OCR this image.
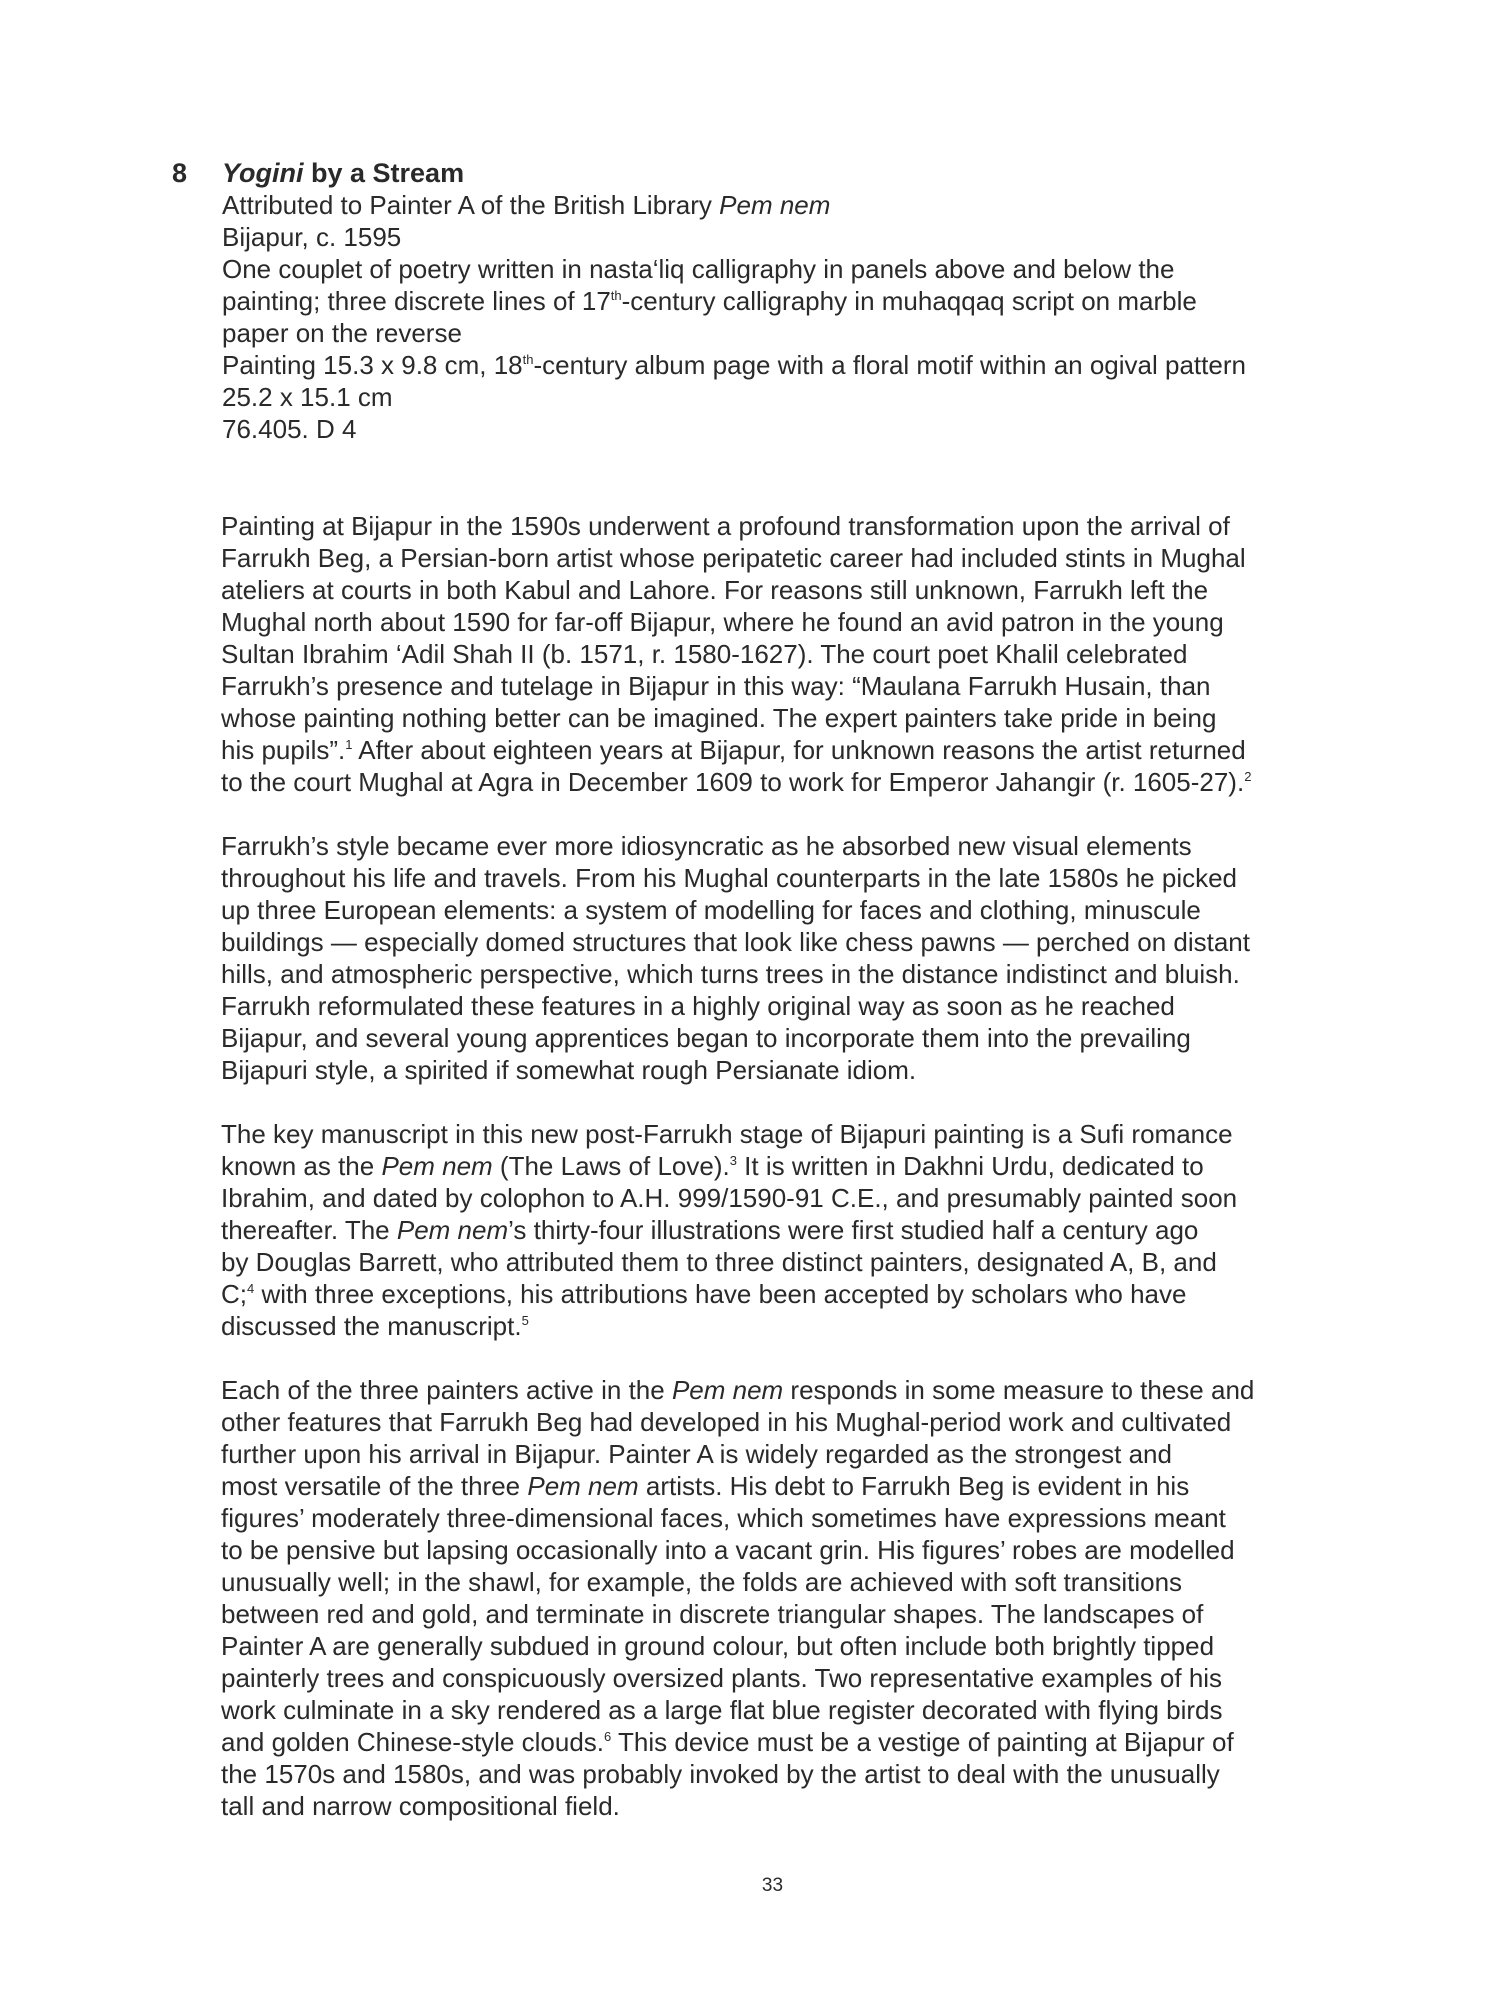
8 Yogini by a Stream
Attributed to Painter A of the British Library Pem nem
Bijapur, c. 1595
One couplet of poetry written in nasta‘liq calligraphy in panels above and below the
painting; three discrete lines of 17th-century calligraphy in muhaqqaq script on marble
paper on the reverse
Painting 15.3 x 9.8 cm, 18th-century album page with a floral motif within an ogival pattern
25.2 x 15.1 cm
76.405. D 4
Painting at Bijapur in the 1590s underwent a profound transformation upon the arrival of
Farrukh Beg, a Persian-born artist whose peripatetic career had included stints in Mughal
ateliers at courts in both Kabul and Lahore. For reasons still unknown, Farrukh left the
Mughal north about 1590 for far-off Bijapur, where he found an avid patron in the young
Sultan Ibrahim ‘Adil Shah II (b. 1571, r. 1580-1627). The court poet Khalil celebrated
Farrukh’s presence and tutelage in Bijapur in this way: “Maulana Farrukh Husain, than
whose painting nothing better can be imagined. The expert painters take pride in being
his pupils”.$^1$ After about eighteen years at Bijapur, for unknown reasons the artist returned
to the court Mughal at Agra in December 1609 to work for Emperor Jahangir (r. 1605-27).$^2$
Farrukh’s style became ever more idiosyncratic as he absorbed new visual elements
throughout his life and travels. From his Mughal counterparts in the late 1580s he picked
up three European elements: a system of modelling for faces and clothing, minuscule
buildings — especially domed structures that look like chess pawns — perched on distant
hills, and atmospheric perspective, which turns trees in the distance indistinct and bluish.
Farrukh reformulated these features in a highly original way as soon as he reached
Bijapur, and several young apprentices began to incorporate them into the prevailing
Bijapuri style, a spirited if somewhat rough Persianate idiom.
The key manuscript in this new post-Farrukh stage of Bijapuri painting is a Sufi romance
known as the Pem nem (The Laws of Love).$^3$ It is written in Dakhni Urdu, dedicated to
Ibrahim, and dated by colophon to A.H. 999/1590-91 C.E., and presumably painted soon
thereafter. The Pem nem’s thirty-four illustrations were first studied half a century ago
by Douglas Barrett, who attributed them to three distinct painters, designated A, B, and
C;$^4$ with three exceptions, his attributions have been accepted by scholars who have
discussed the manuscript.$^5$
Each of the three painters active in the Pem nem responds in some measure to these and
other features that Farrukh Beg had developed in his Mughal-period work and cultivated
further upon his arrival in Bijapur. Painter A is widely regarded as the strongest and
most versatile of the three Pem nem artists. His debt to Farrukh Beg is evident in his
figures’ moderately three-dimensional faces, which sometimes have expressions meant
to be pensive but lapsing occasionally into a vacant grin. His figures’ robes are modelled
unusually well; in the shawl, for example, the folds are achieved with soft transitions
between red and gold, and terminate in discrete triangular shapes. The landscapes of
Painter A are generally subdued in ground colour, but often include both brightly tipped
painterly trees and conspicuously oversized plants. Two representative examples of his
work culminate in a sky rendered as a large flat blue register decorated with flying birds
and golden Chinese-style clouds.$^6$ This device must be a vestige of painting at Bijapur of
the 1570s and 1580s, and was probably invoked by the artist to deal with the unusually
tall and narrow compositional field.
33
